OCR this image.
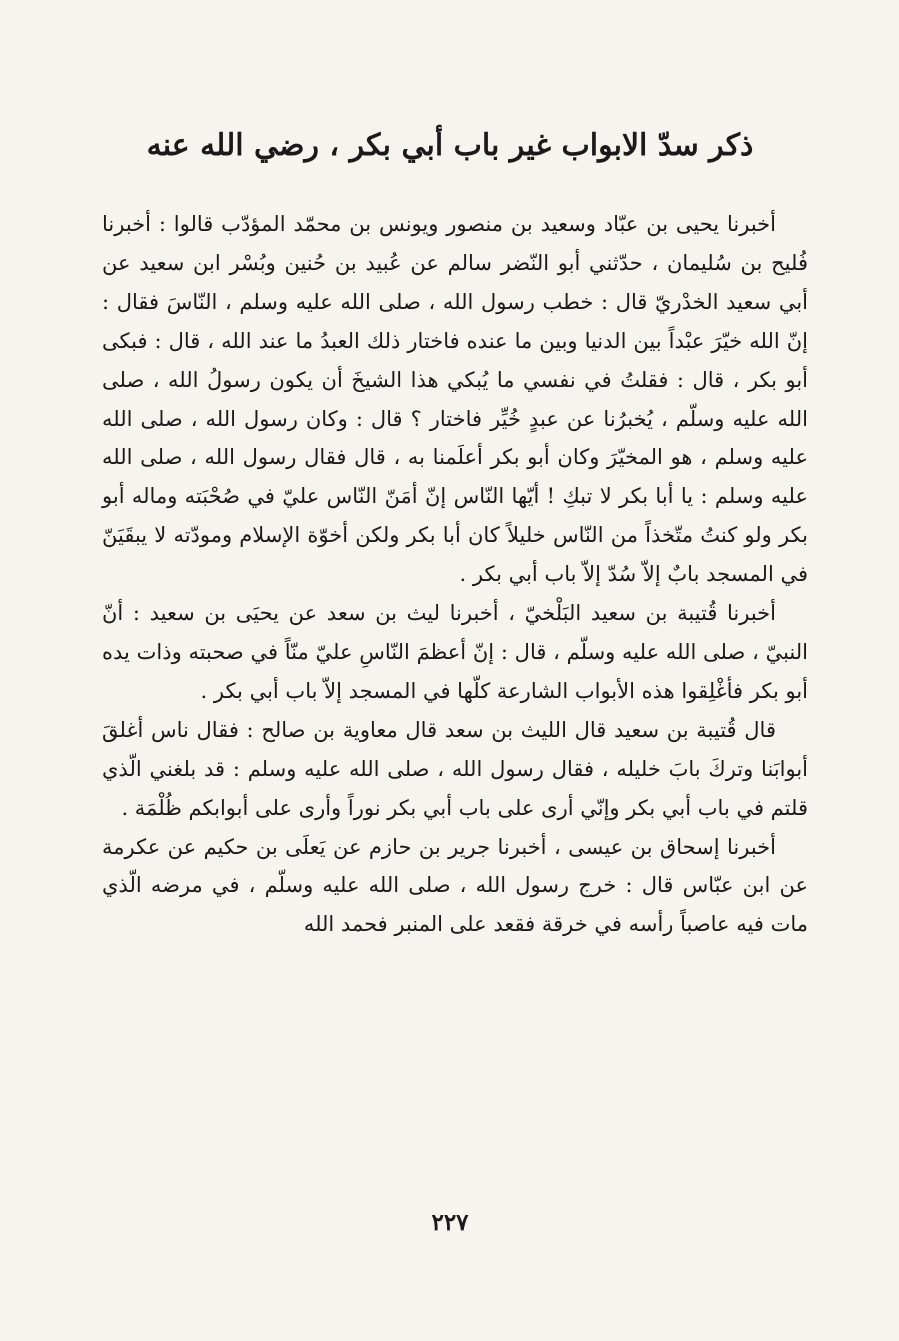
ذكر سدّ الابواب غير باب أبي بكر ، رضي الله عنه

أخبرنا يحيى بن عبّاد وسعيد بن منصور ويونس بن محمّد المؤدّب قالوا : أخبرنا فُليح بن سُليمان ، حدّثني أبو النّضر سالم عن عُبيد بن حُنين وبُسْر ابن سعيد عن أبي سعيد الخدْريّ قال : خطب رسول الله ، صلى الله عليه وسلم ، النّاسَ فقال : إنّ الله خيّرَ عبْداً بين الدنيا وبين ما عنده فاختار ذلك العبدُ ما عند الله ، قال : فبكى أبو بكر ، قال : فقلتُ في نفسي ما يُبكي هذا الشيخَ أن يكون رسولُ الله ، صلى الله عليه وسلّم ، يُخبرُنا عن عبدٍ خُيِّر فاختار ؟ قال : وكان رسول الله ، صلى الله عليه وسلم ، هو المخيّرَ وكان أبو بكر أعلَمنا به ، قال فقال رسول الله ، صلى الله عليه وسلم : يا أبا بكر لا تبكِ ! أيّها النّاس إنّ أمَنّ النّاس عليّ في صُحْبَته وماله أبو بكر ولو كنتُ متّخذاً من النّاس خليلاً كان أبا بكر ولكن أخوّة الإسلام ومودّته لا يبقَيَنّ في المسجد بابٌ إلاّ سُدّ إلاّ باب أبي بكر .

أخبرنا قُتيبة بن سعيد البَلْخيّ ، أخبرنا ليث بن سعد عن يحيَى بن سعيد : أنّ النبيّ ، صلى الله عليه وسلّم ، قال : إنّ أعظمَ النّاسِ عليّ منّاً في صحبته وذات يده أبو بكر فأغْلِقوا هذه الأبواب الشارعة كلّها في المسجد إلاّ باب أبي بكر .

قال قُتيبة بن سعيد قال الليث بن سعد قال معاوية بن صالح : فقال ناس أغلقَ أبوابَنا وتركَ بابَ خليله ، فقال رسول الله ، صلى الله عليه وسلم : قد بلغني الّذي قلتم في باب أبي بكر وإنّي أرى على باب أبي بكر نوراً وأرى على أبوابكم ظُلْمَة .

أخبرنا إسحاق بن عيسى ، أخبرنا جرير بن حازم عن يَعلَى بن حكيم عن عكرمة عن ابن عبّاس قال : خرج رسول الله ، صلى الله عليه وسلّم ، في مرضه الّذي مات فيه عاصباً رأسه في خرقة فقعد على المنبر فحمد الله

٢٢٧
